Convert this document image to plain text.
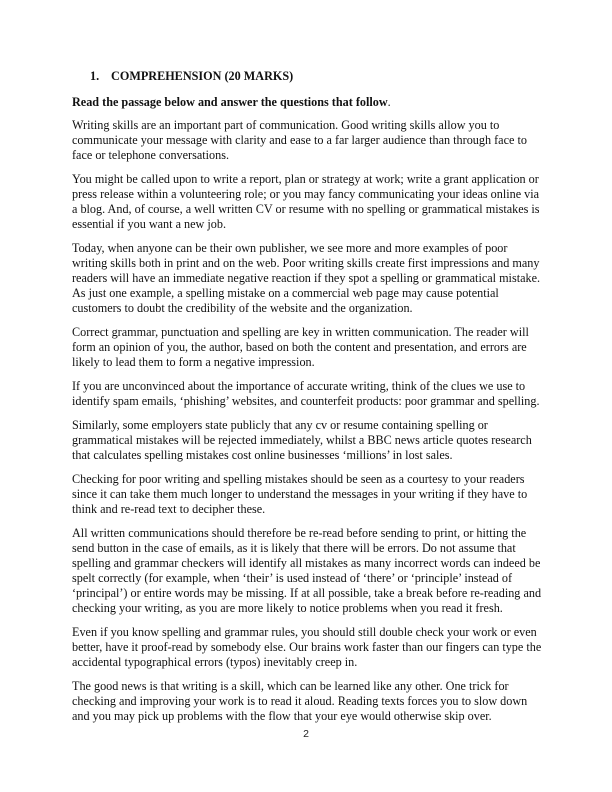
1. COMPREHENSION (20 MARKS)
Read the passage below and answer the questions that follow.
Writing skills are an important part of communication. Good writing skills allow you to
communicate your message with clarity and ease to a far larger audience than through face to
face or telephone conversations.
You might be called upon to write a report, plan or strategy at work; write a grant application or
press release within a volunteering role; or you may fancy communicating your ideas online via
a blog. And, of course, a well written CV or resume with no spelling or grammatical mistakes is
essential if you want a new job.
Today, when anyone can be their own publisher, we see more and more examples of poor
writing skills both in print and on the web. Poor writing skills create first impressions and many
readers will have an immediate negative reaction if they spot a spelling or grammatical mistake.
As just one example, a spelling mistake on a commercial web page may cause potential
customers to doubt the credibility of the website and the organization.
Correct grammar, punctuation and spelling are key in written communication. The reader will
form an opinion of you, the author, based on both the content and presentation, and errors are
likely to lead them to form a negative impression.
If you are unconvinced about the importance of accurate writing, think of the clues we use to
identify spam emails, ‘phishing’ websites, and counterfeit products: poor grammar and spelling.
Similarly, some employers state publicly that any cv or resume containing spelling or
grammatical mistakes will be rejected immediately, whilst a BBC news article quotes research
that calculates spelling mistakes cost online businesses ‘millions’ in lost sales.
Checking for poor writing and spelling mistakes should be seen as a courtesy to your readers
since it can take them much longer to understand the messages in your writing if they have to
think and re-read text to decipher these.
All written communications should therefore be re-read before sending to print, or hitting the
send button in the case of emails, as it is likely that there will be errors. Do not assume that
spelling and grammar checkers will identify all mistakes as many incorrect words can indeed be
spelt correctly (for example, when ‘their’ is used instead of ‘there’ or ‘principle’ instead of
‘principal’) or entire words may be missing. If at all possible, take a break before re-reading and
checking your writing, as you are more likely to notice problems when you read it fresh.
Even if you know spelling and grammar rules, you should still double check your work or even
better, have it proof-read by somebody else. Our brains work faster than our fingers can type the
accidental typographical errors (typos) inevitably creep in.
The good news is that writing is a skill, which can be learned like any other. One trick for
checking and improving your work is to read it aloud. Reading texts forces you to slow down
and you may pick up problems with the flow that your eye would otherwise skip over.
2
